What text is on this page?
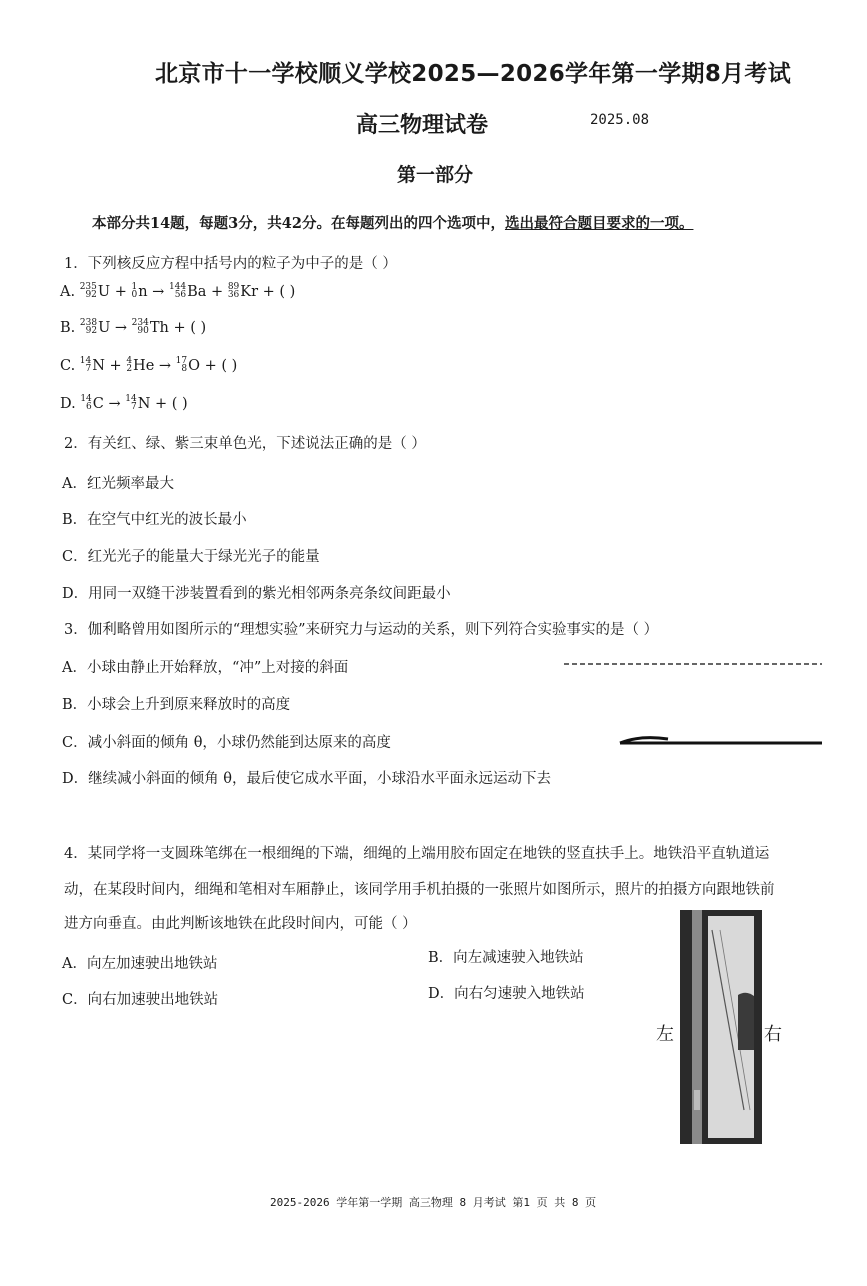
北京市十一学校顺义学校2025—2026学年第一学期8月考试
高三物理试卷	2025.08
第一部分
本部分共14题，每题3分，共42分。在每题列出的四个选项中，选出最符合题目要求的一项。
1．下列核反应方程中括号内的粒子为中子的是（ ）
A. 235
92 U + 1
0 n → 144
56 Ba + 89
36 Kr + ( )
B. 238
92 U → 234
90 Th + ( )
C. 14
7 N + 4
2 He → 17
8 O + ( )
D. 14
6 C → 14
7 N + ( )
2．有关红、绿、紫三束单色光，下述说法正确的是（ ）
A．红光频率最大
B．在空气中红光的波长最小
C．红光光子的能量大于绿光光子的能量
D．用同一双缝干涉装置看到的紫光相邻两条亮条纹间距最小
3．伽利略曾用如图所示的“理想实验”来研究力与运动的关系，则下列符合实验事实的是（ ）
A．小球由静止开始释放，“冲”上对接的斜面
B．小球会上升到原来释放时的高度
C．减小斜面的倾角 θ，小球仍然能到达原来的高度
D．继续减小斜面的倾角 θ，最后使它成水平面，小球沿水平面永远运动下去
4．某同学将一支圆珠笔绑在一根细绳的下端，细绳的上端用胶布固定在地铁的竖直扶手上。地铁沿平直轨道运
动，在某段时间内，细绳和笔相对车厢静止，该同学用手机拍摄的一张照片如图所示，照片的拍摄方向跟地铁前
进方向垂直。由此判断该地铁在此段时间内，可能（ ）
A．向左加速驶出地铁站	B．向左减速驶入地铁站
C．向右加速驶出地铁站	D．向右匀速驶入地铁站
左	右
2025-2026 学年第一学期 高三物理 8 月考试 第1 页 共 8 页
